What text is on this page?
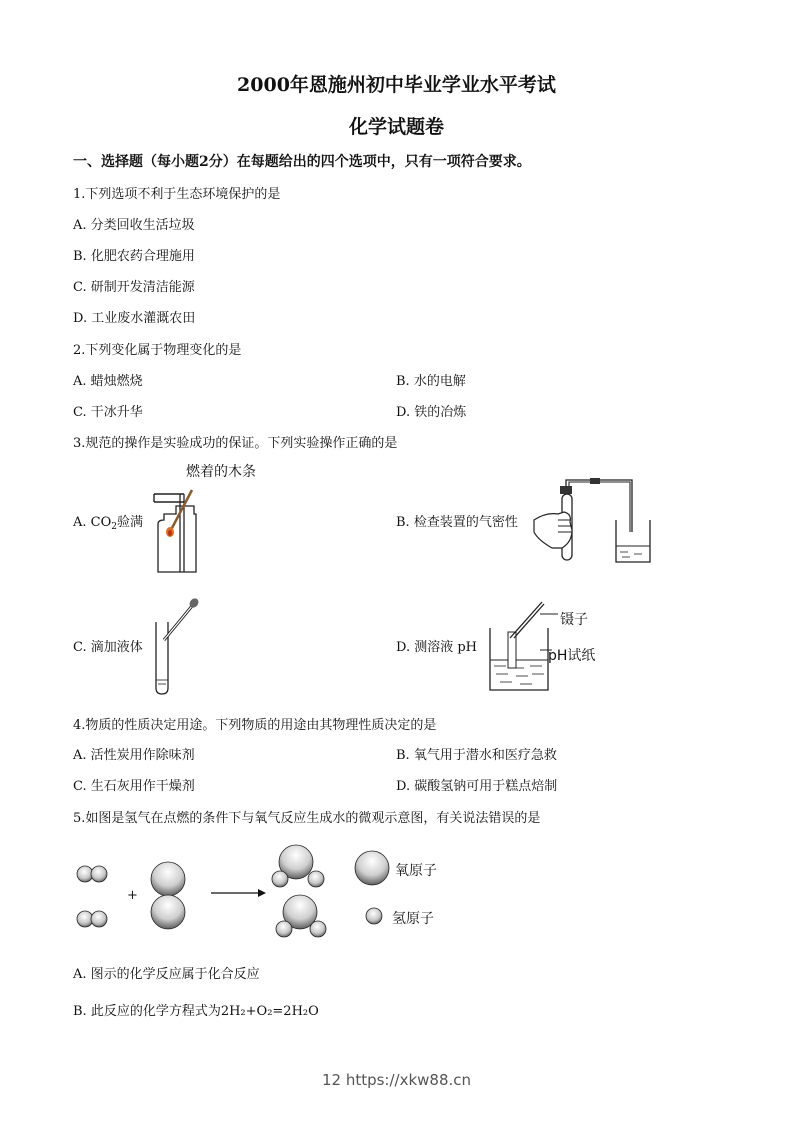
2000年恩施州初中毕业学业水平考试
化学试题卷
一、选择题（每小题2分）在每题给出的四个选项中，只有一项符合要求。
1.下列选项不利于生态环境保护的是
A. 分类回收生活垃圾
B. 化肥农药合理施用
C. 研制开发清洁能源
D. 工业废水灌溉农田
2.下列变化属于物理变化的是
A. 蜡烛燃烧	B. 水的电解
C. 干冰升华	D. 铁的冶炼
3.规范的操作是实验成功的保证。下列实验操作正确的是
燃着的木条
A. $CO_2$验满	B. 检查装置的气密性
C. 滴加液体	D. 测溶液 pH
镊子
pH试纸
4.物质的性质决定用途。下列物质的用途由其物理性质决定的是
A. 活性炭用作除味剂	B. 氧气用于潜水和医疗急救
C. 生石灰用作干燥剂	D. 碳酸氢钠可用于糕点焙制
5.如图是氢气在点燃的条件下与氧气反应生成水的微观示意图，有关说法错误的是
+
氧原子
氢原子
A. 图示的化学反应属于化合反应
B. 此反应的化学方程式为2H₂+O₂=2H₂O
12 https://xkw88.cn
